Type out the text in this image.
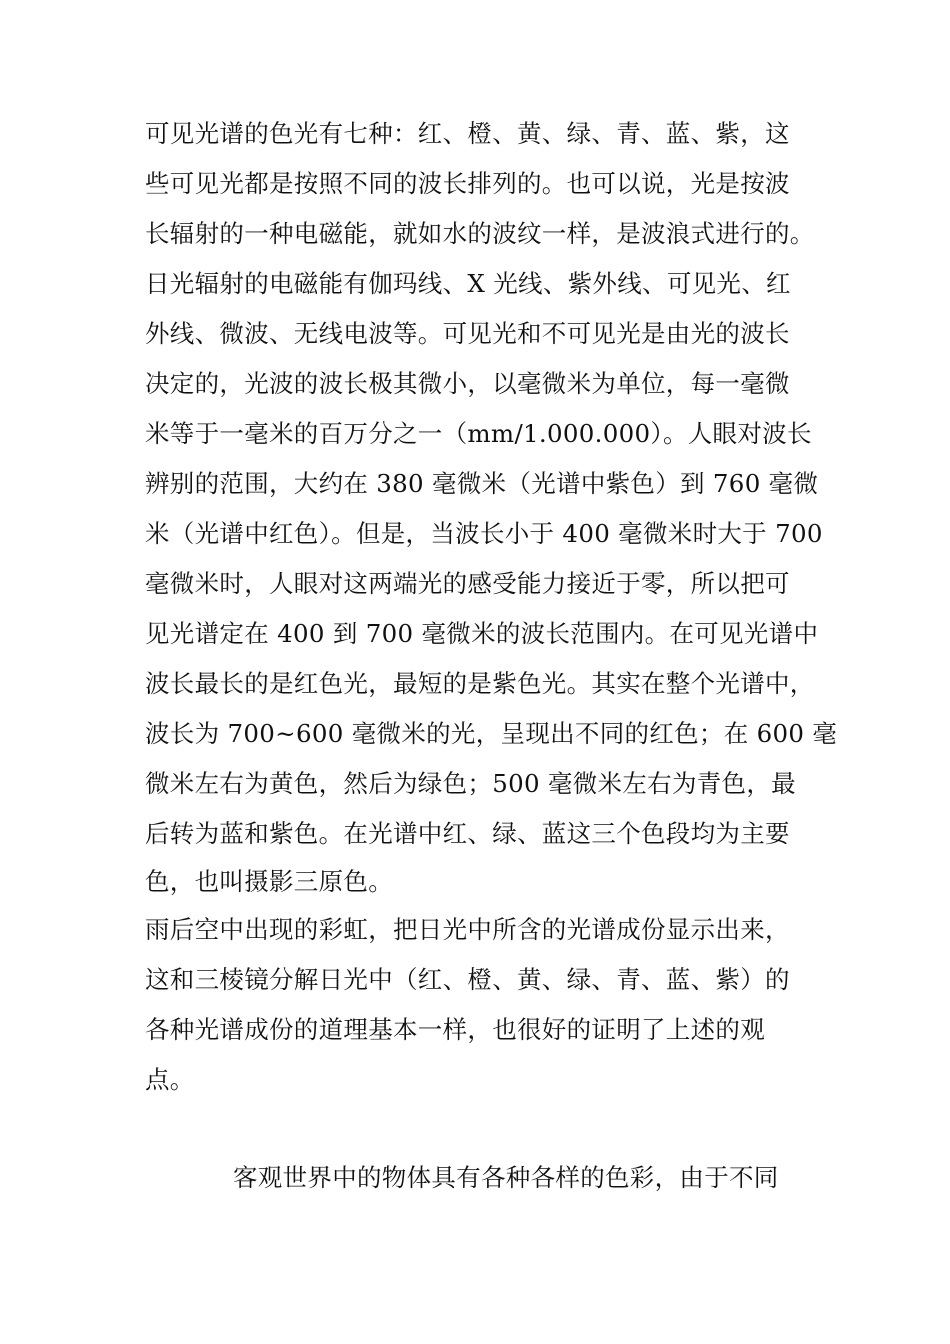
可见光谱的色光有七种：红、橙、黄、绿、青、蓝、紫，这
些可见光都是按照不同的波长排列的。也可以说，光是按波
长辐射的一种电磁能，就如水的波纹一样，是波浪式进行的。
日光辐射的电磁能有伽玛线、X 光线、紫外线、可见光、红
外线、微波、无线电波等。可见光和不可见光是由光的波长
决定的，光波的波长极其微小，以毫微米为单位，每一毫微
米等于一毫米的百万分之一（mm/1.000.000）。人眼对波长
辨别的范围，大约在 380 毫微米（光谱中紫色）到 760 毫微
米（光谱中红色）。但是，当波长小于 400 毫微米时大于 700
毫微米时，人眼对这两端光的感受能力接近于零，所以把可
见光谱定在 400 到 700 毫微米的波长范围内。在可见光谱中
波长最长的是红色光，最短的是紫色光。其实在整个光谱中，
波长为 700~600 毫微米的光，呈现出不同的红色；在 600 毫
微米左右为黄色，然后为绿色；500 毫微米左右为青色，最
后转为蓝和紫色。在光谱中红、绿、蓝这三个色段均为主要
色，也叫摄影三原色。
雨后空中出现的彩虹，把日光中所含的光谱成份显示出来，
这和三棱镜分解日光中（红、橙、黄、绿、青、蓝、紫）的
各种光谱成份的道理基本一样，也很好的证明了上述的观
点。
客观世界中的物体具有各种各样的色彩，由于不同
